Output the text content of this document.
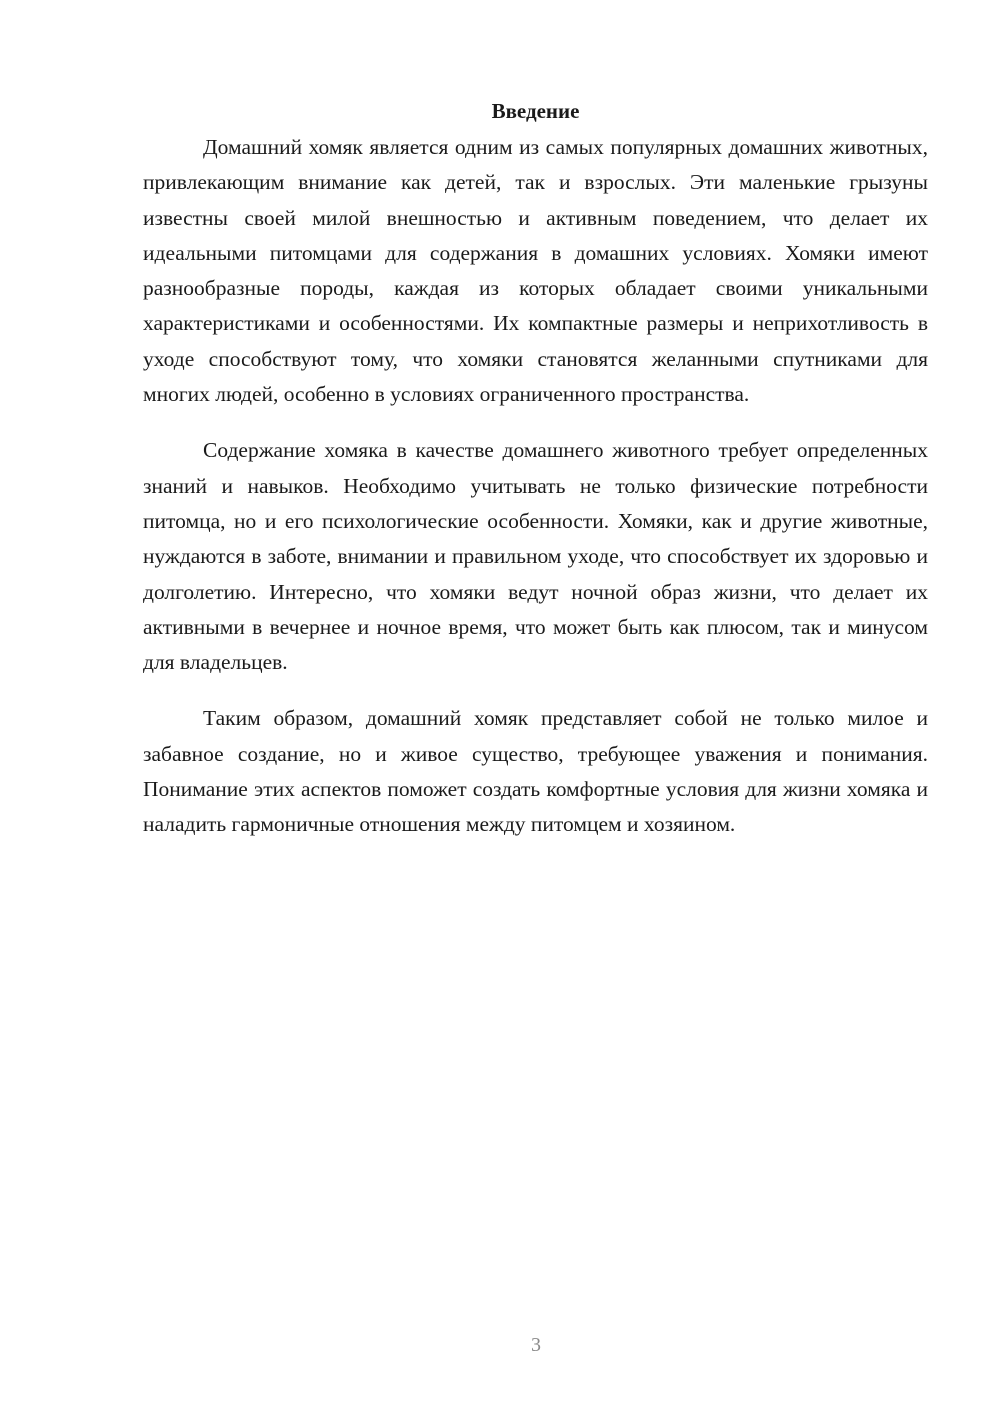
Введение

Домашний хомяк является одним из самых популярных домашних животных, привлекающим внимание как детей, так и взрослых. Эти маленькие грызуны известны своей милой внешностью и активным поведением, что делает их идеальными питомцами для содержания в домашних условиях. Хомяки имеют разнообразные породы, каждая из которых обладает своими уникальными характеристиками и особенностями. Их компактные размеры и неприхотливость в уходе способствуют тому, что хомяки становятся желанными спутниками для многих людей, особенно в условиях ограниченного пространства.

Содержание хомяка в качестве домашнего животного требует определенных знаний и навыков. Необходимо учитывать не только физические потребности питомца, но и его психологические особенности. Хомяки, как и другие животные, нуждаются в заботе, внимании и правильном уходе, что способствует их здоровью и долголетию. Интересно, что хомяки ведут ночной образ жизни, что делает их активными в вечернее и ночное время, что может быть как плюсом, так и минусом для владельцев.

Таким образом, домашний хомяк представляет собой не только милое и забавное создание, но и живое существо, требующее уважения и понимания. Понимание этих аспектов поможет создать комфортные условия для жизни хомяка и наладить гармоничные отношения между питомцем и хозяином.

3
